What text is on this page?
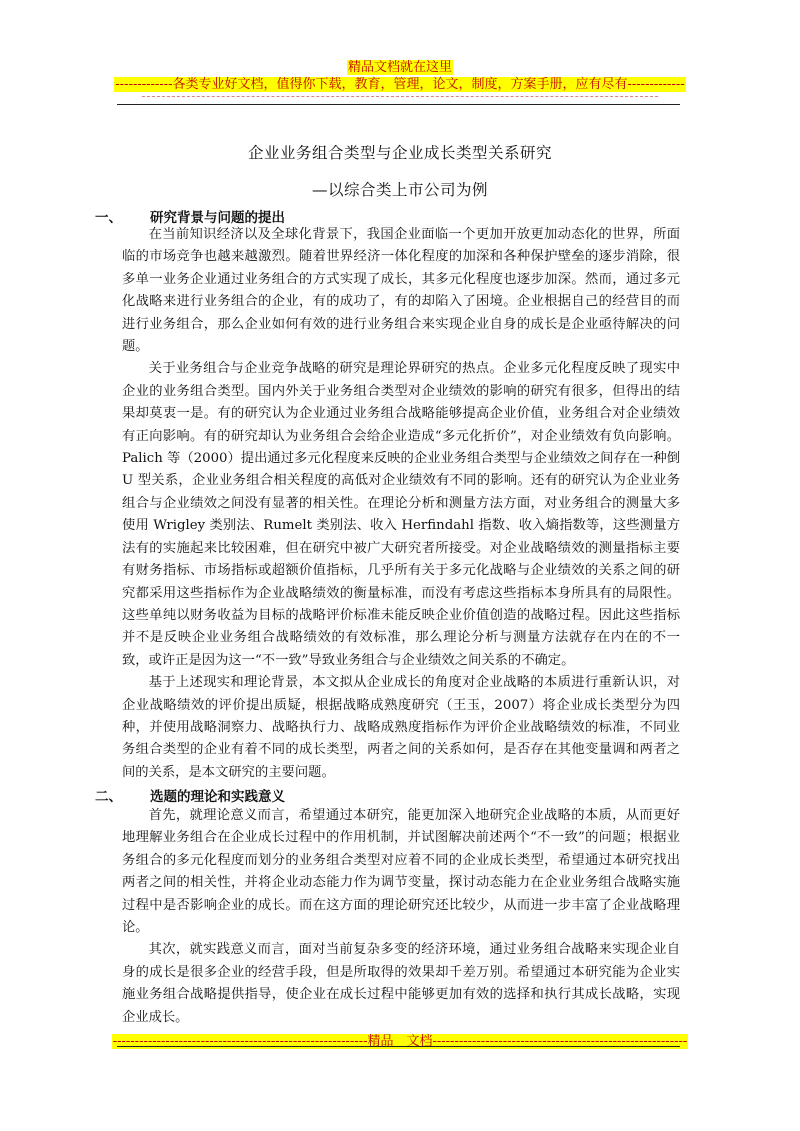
精品文档就在这里
-------------各类专业好文档，值得你下载，教育，管理，论文，制度，方案手册，应有尽有-------------
企业业务组合类型与企业成长类型关系研究
—以综合类上市公司为例
一、 研究背景与问题的提出

在当前知识经济以及全球化背景下，我国企业面临一个更加开放更加动态化的世界，所面临的市场竞争也越来越激烈。随着世界经济一体化程度的加深和各种保护壁垒的逐步消除，很多单一业务企业通过业务组合的方式实现了成长，其多元化程度也逐步加深。然而，通过多元化战略来进行业务组合的企业，有的成功了，有的却陷入了困境。企业根据自己的经营目的而进行业务组合，那么企业如何有效的进行业务组合来实现企业自身的成长是企业亟待解决的问题。

关于业务组合与企业竞争战略的研究是理论界研究的热点。企业多元化程度反映了现实中企业的业务组合类型。国内外关于业务组合类型对企业绩效的影响的研究有很多，但得出的结果却莫衷一是。有的研究认为企业通过业务组合战略能够提高企业价值，业务组合对企业绩效有正向影响。有的研究却认为业务组合会给企业造成“多元化折价”，对企业绩效有负向影响。Palich 等（2000）提出通过多元化程度来反映的企业业务组合类型与企业绩效之间存在一种倒 U 型关系，企业业务组合相关程度的高低对企业绩效有不同的影响。还有的研究认为企业业务组合与企业绩效之间没有显著的相关性。在理论分析和测量方法方面，对业务组合的测量大多使用 Wrigley 类别法、Rumelt 类别法、收入 Herfindahl 指数、收入熵指数等，这些测量方法有的实施起来比较困难，但在研究中被广大研究者所接受。对企业战略绩效的测量指标主要有财务指标、市场指标或超额价值指标，几乎所有关于多元化战略与企业绩效的关系之间的研究都采用这些指标作为企业战略绩效的衡量标准，而没有考虑这些指标本身所具有的局限性。这些单纯以财务收益为目标的战略评价标准未能反映企业价值创造的战略过程。因此这些指标并不是反映企业业务组合战略绩效的有效标准，那么理论分析与测量方法就存在内在的不一致，或许正是因为这一“不一致”导致业务组合与企业绩效之间关系的不确定。

基于上述现实和理论背景，本文拟从企业成长的角度对企业战略的本质进行重新认识，对企业战略绩效的评价提出质疑，根据战略成熟度研究（王玉，2007）将企业成长类型分为四种，并使用战略洞察力、战略执行力、战略成熟度指标作为评价企业战略绩效的标准，不同业务组合类型的企业有着不同的成长类型，两者之间的关系如何，是否存在其他变量调和两者之间的关系，是本文研究的主要问题。

二、 选题的理论和实践意义

首先，就理论意义而言，希望通过本研究，能更加深入地研究企业战略的本质，从而更好地理解业务组合在企业成长过程中的作用机制，并试图解决前述两个“不一致”的问题；根据业务组合的多元化程度而划分的业务组合类型对应着不同的企业成长类型，希望通过本研究找出两者之间的相关性，并将企业动态能力作为调节变量，探讨动态能力在企业业务组合战略实施过程中是否影响企业的成长。而在这方面的理论研究还比较少，从而进一步丰富了企业战略理论。

其次，就实践意义而言，面对当前复杂多变的经济环境，通过业务组合战略来实现企业自身的成长是很多企业的经营手段，但是所取得的效果却千差万别。希望通过本研究能为企业实施业务组合战略提供指导，使企业在成长过程中能够更加有效的选择和执行其成长战略，实现企业成长。

----------------------------------------------------------精品　文档----------------------------------------------------------
